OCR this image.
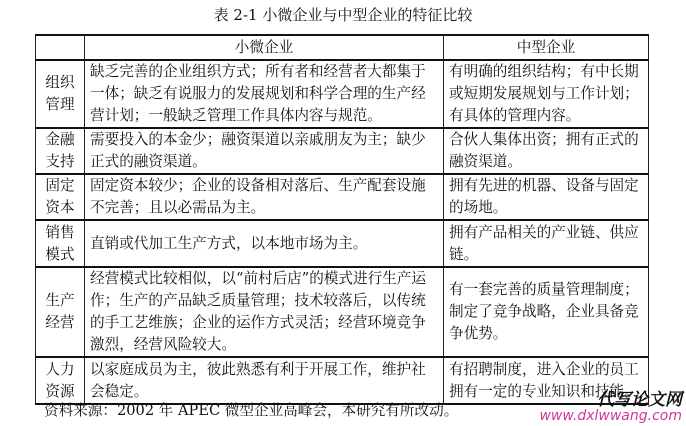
表 2-1 小微企业与中型企业的特征比较
	小微企业	中型企业
组织管理	缺乏完善的企业组织方式；所有者和经营者大都集于一体；缺乏有说服力的发展规划和科学合理的生产经营计划；一般缺乏管理工作具体内容与规范。	有明确的组织结构；有中长期或短期发展规划与工作计划；有具体的管理内容。
金融支持	需要投入的本金少；融资渠道以亲戚朋友为主；缺少正式的融资渠道。	合伙人集体出资；拥有正式的融资渠道。
固定资本	固定资本较少；企业的设备相对落后、生产配套设施不完善；且以必需品为主。	拥有先进的机器、设备与固定的场地。
销售模式	直销或代加工生产方式，以本地市场为主。	拥有产品相关的产业链、供应链。
生产经营	经营模式比较相似，以“前村后店”的模式进行生产运作；生产的产品缺乏质量管理；技术较落后，以传统的手工艺维族；企业的运作方式灵活；经营环境竞争激烈，经营风险较大。	有一套完善的质量管理制度；制定了竞争战略，企业具备竞争优势。
人力资源	以家庭成员为主，彼此熟悉有利于开展工作，维护社会稳定。	有招聘制度，进入企业的员工拥有一定的专业知识和技能。
资料来源：2002 年 APEC 微型企业高峰会，本研究有所改动。
代写论文网
www.dxlwwang.com
